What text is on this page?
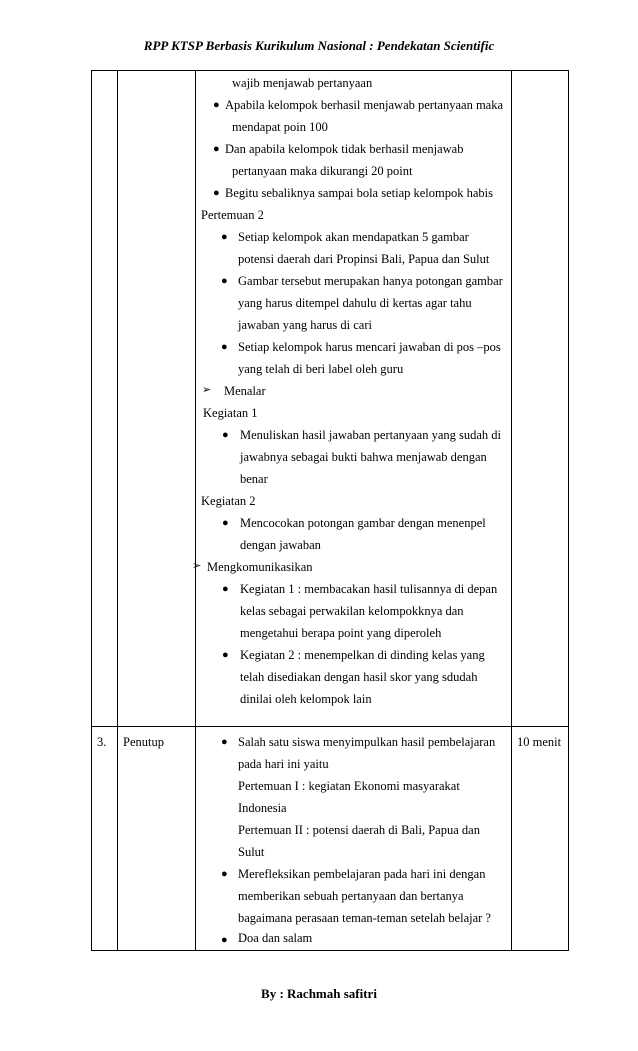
RPP KTSP Berbasis Kurikulum Nasional : Pendekatan Scientific
wajib menjawab pertanyaan
● Apabila kelompok berhasil menjawab pertanyaan maka
mendapat poin 100
● Dan apabila kelompok tidak berhasil menjawab
pertanyaan maka dikurangi 20 point
● Begitu sebaliknya sampai bola setiap kelompok habis
Pertemuan 2
● Setiap kelompok akan mendapatkan 5 gambar
potensi daerah dari Propinsi Bali, Papua dan Sulut
● Gambar tersebut merupakan hanya potongan gambar
yang harus ditempel dahulu di kertas agar tahu
jawaban yang harus di cari
● Setiap kelompok harus mencari jawaban di pos –pos
yang telah di beri label oleh guru
➢ Menalar
Kegiatan 1
● Menuliskan hasil jawaban pertanyaan yang sudah di
jawabnya sebagai bukti bahwa menjawab dengan
benar
Kegiatan 2
● Mencocokan potongan gambar dengan menenpel
dengan jawaban
➢ Mengkomunikasikan
● Kegiatan 1 : membacakan hasil tulisannya di depan
kelas sebagai perwakilan kelompokknya dan
mengetahui berapa point yang diperoleh
● Kegiatan 2 : menempelkan di dinding kelas yang
telah disediakan dengan hasil skor yang sdudah
dinilai oleh kelompok lain
3. Penutup	10 menit
● Salah satu siswa menyimpulkan hasil pembelajaran
pada hari ini yaitu
Pertemuan I : kegiatan Ekonomi masyarakat
Indonesia
Pertemuan II : potensi daerah di Bali, Papua dan
Sulut
● Merefleksikan pembelajaran pada hari ini dengan
memberikan sebuah pertanyaan dan bertanya
bagaimana perasaan teman-teman setelah belajar ?
● Doa dan salam
By : Rachmah safitri
